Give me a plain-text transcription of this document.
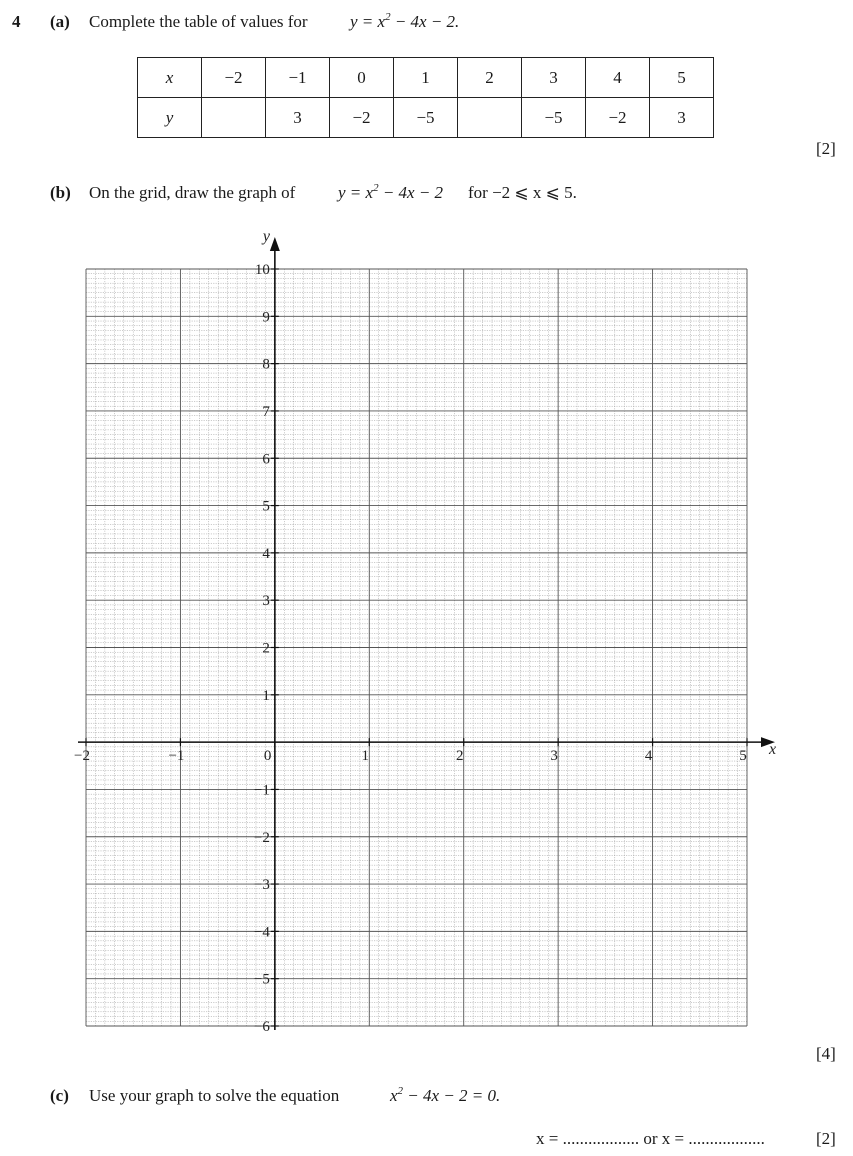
4 (a) Complete the table of values for $y = x^2 - 4x - 2$.
x	−2	−1	0	1	2	3	4	5
y		3	−2	−5		−5	−2	3
[2]
(b) On the grid, draw the graph of	$y = x^2 - 4x - 2$ for −2 ⩽ x ⩽ 5.
x
y
−2	−1	0	1	2	3	4	5
10
9
8
7
6
5
4
3
2
1
−1
−2
−3
−4
−5
−6
[4]
(c) Use your graph to solve the equation	$x^2 - 4x - 2 = 0$.
x = .................. or x = ..................	[2]
